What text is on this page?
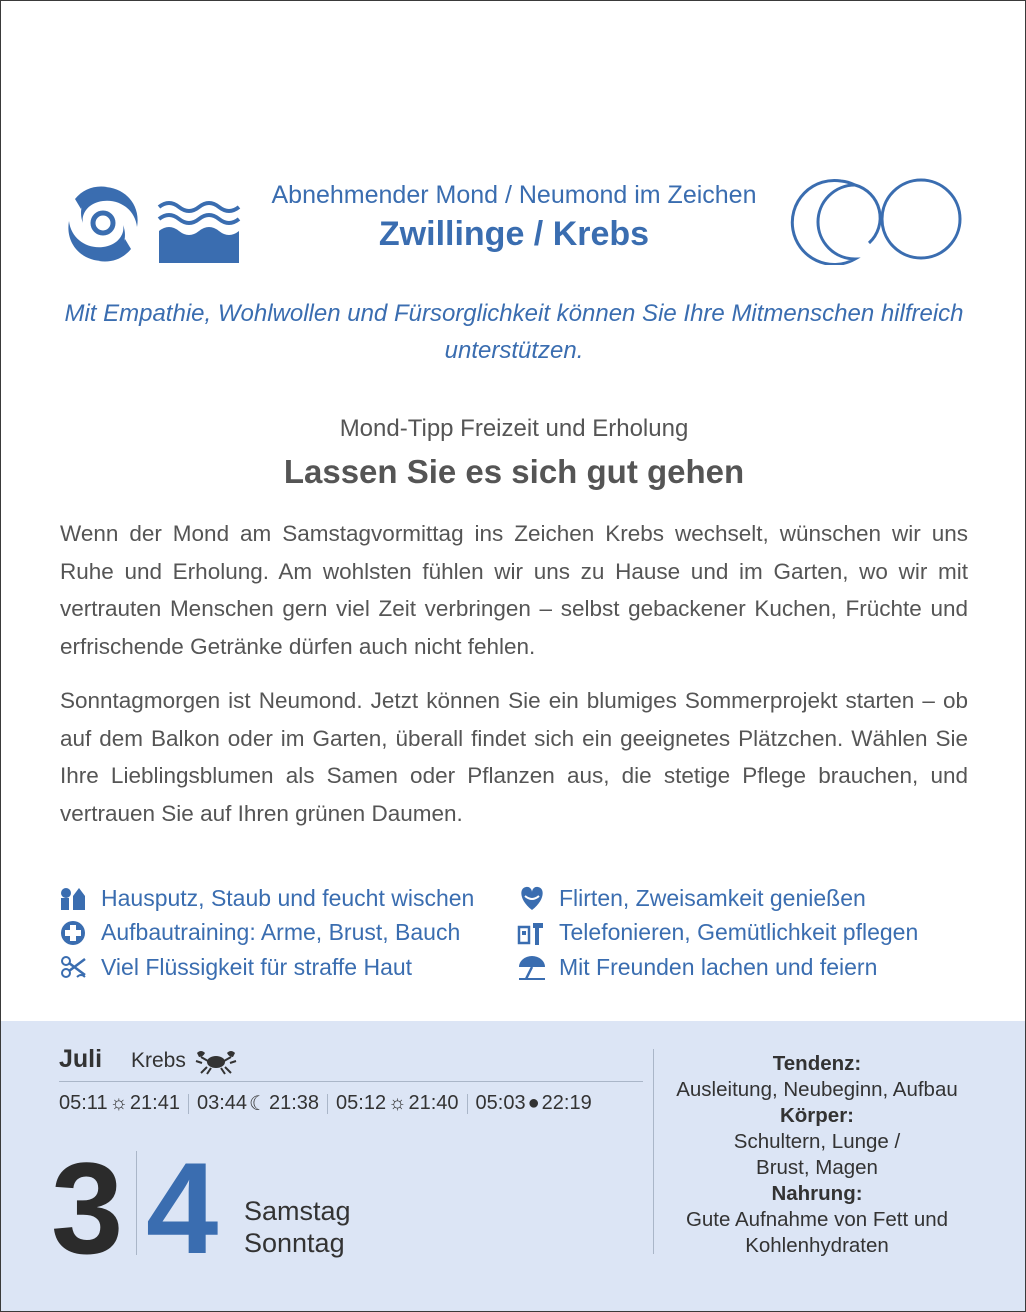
Abnehmender Mond / Neumond im Zeichen
Zwillinge / Krebs
Mit Empathie, Wohlwollen und Fürsorglichkeit können Sie Ihre Mitmenschen hilfreich unterstützen.
Mond-Tipp Freizeit und Erholung
Lassen Sie es sich gut gehen

Wenn der Mond am Samstagvormittag ins Zeichen Krebs wechselt, wünschen wir uns Ruhe und Erholung. Am wohlsten fühlen wir uns zu Hause und im Garten, wo wir mit vertrauten Menschen gern viel Zeit verbringen – selbst gebackener Kuchen, Früchte und erfrischende Getränke dürfen auch nicht fehlen.

Sonntagmorgen ist Neumond. Jetzt können Sie ein blumiges Sommerprojekt starten – ob auf dem Balkon oder im Garten, überall findet sich ein geeignetes Plätzchen. Wählen Sie Ihre Lieblingsblumen als Samen oder Pflanzen aus, die stetige Pflege brauchen, und vertrauen Sie auf Ihren grünen Daumen.

Hausputz, Staub und feucht wischen
Aufbautraining: Arme, Brust, Bauch
Viel Flüssigkeit für straffe Haut
Flirten, Zweisamkeit genießen
Telefonieren, Gemütlichkeit pflegen
Mit Freunden lachen und feiern
Juli Krebs
05:11 ☼ 21:41 03:44 ☾ 21:38 05:12 ☼ 21:40 05:03 ● 22:19
3 4 Samstag
Sonntag
Tendenz:
Ausleitung, Neubeginn, Aufbau
Körper:
Schultern, Lunge /
Brust, Magen
Nahrung:
Gute Aufnahme von Fett und
Kohlenhydraten
